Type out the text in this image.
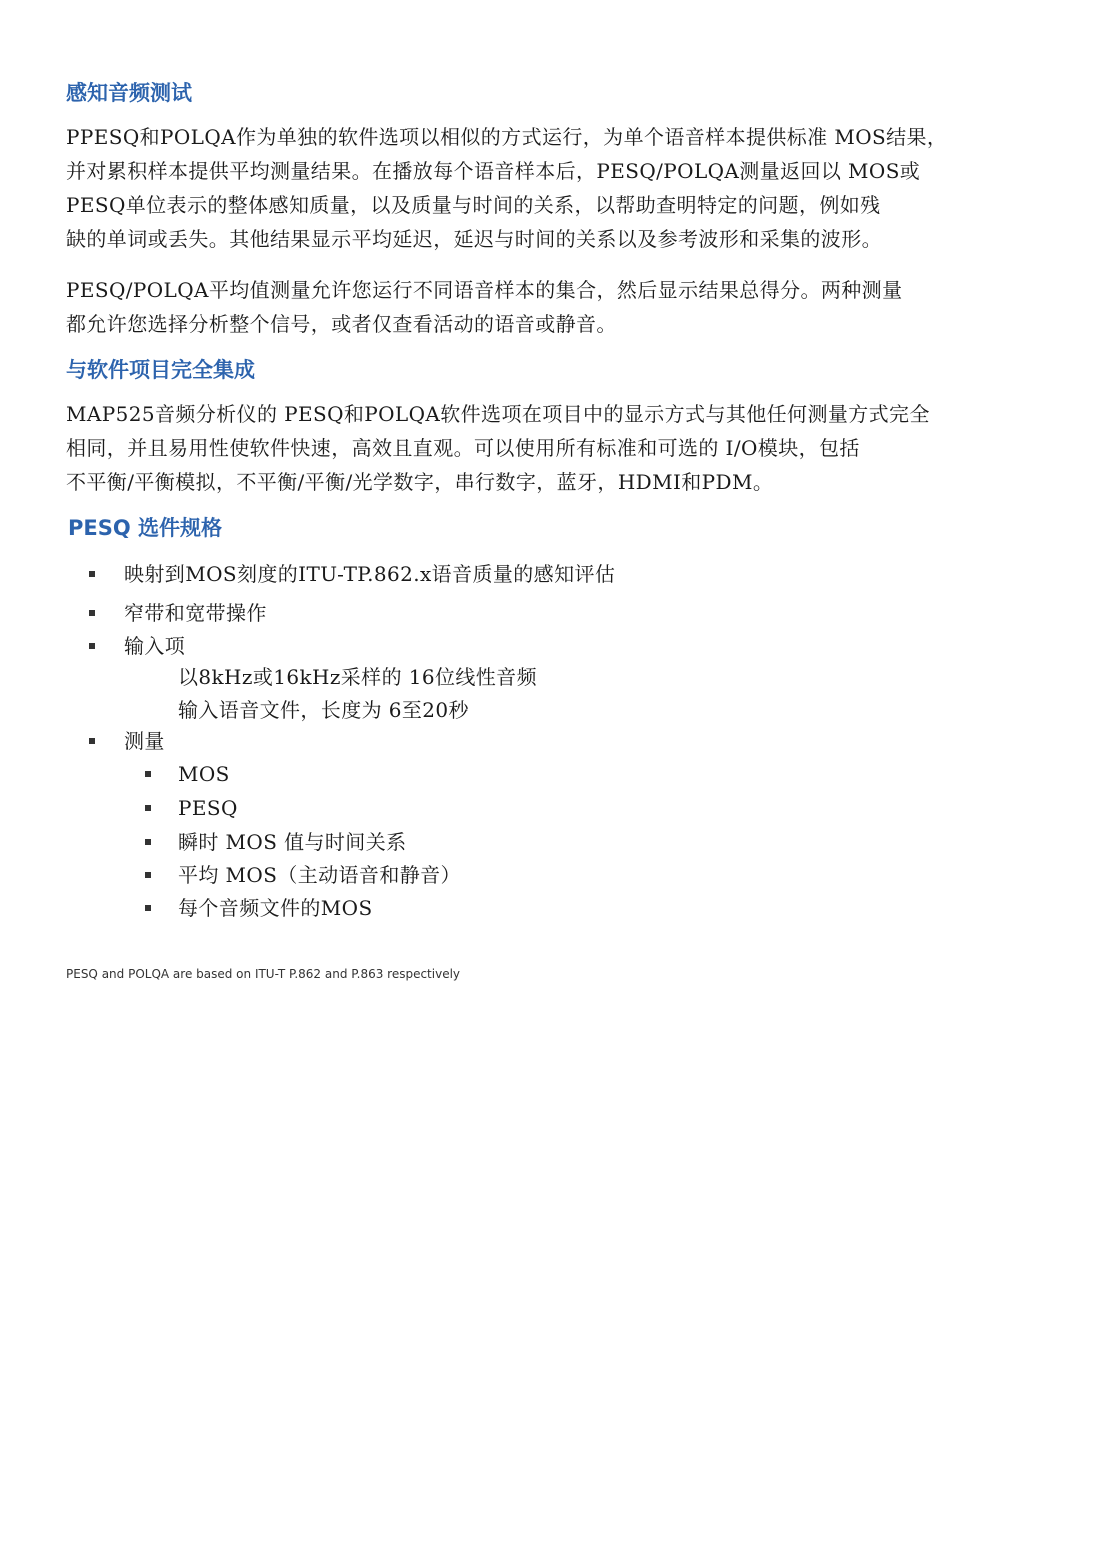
感知音频测试
PPESQ和POLQA作为单独的软件选项以相似的方式运行，为单个语音样本提供标准 MOS结果，
并对累积样本提供平均测量结果。在播放每个语音样本后，PESQ/POLQA测量返回以 MOS或
PESQ单位表示的整体感知质量，以及质量与时间的关系，以帮助查明特定的问题，例如残
缺的单词或丢失。其他结果显示平均延迟，延迟与时间的关系以及参考波形和采集的波形。
PESQ/POLQA平均值测量允许您运行不同语音样本的集合，然后显示结果总得分。两种测量
都允许您选择分析整个信号，或者仅查看活动的语音或静音。
与软件项目完全集成
MAP525音频分析仪的 PESQ和POLQA软件选项在项目中的显示方式与其他任何测量方式完全
相同，并且易用性使软件快速，高效且直观。可以使用所有标准和可选的 I/O模块，包括
不平衡/平衡模拟，不平衡/平衡/光学数字，串行数字，蓝牙，HDMI和PDM。
PESQ 选件规格
映射到MOS刻度的ITU-TP.862.x语音质量的感知评估
窄带和宽带操作
输入项
以8kHz或16kHz采样的 16位线性音频
输入语音文件，长度为 6至20秒
测量
MOS
PESQ
瞬时 MOS 值与时间关系
平均 MOS（主动语音和静音）
每个音频文件的MOS

PESQ and POLQA are based on ITU-T P.862 and P.863 respectively
